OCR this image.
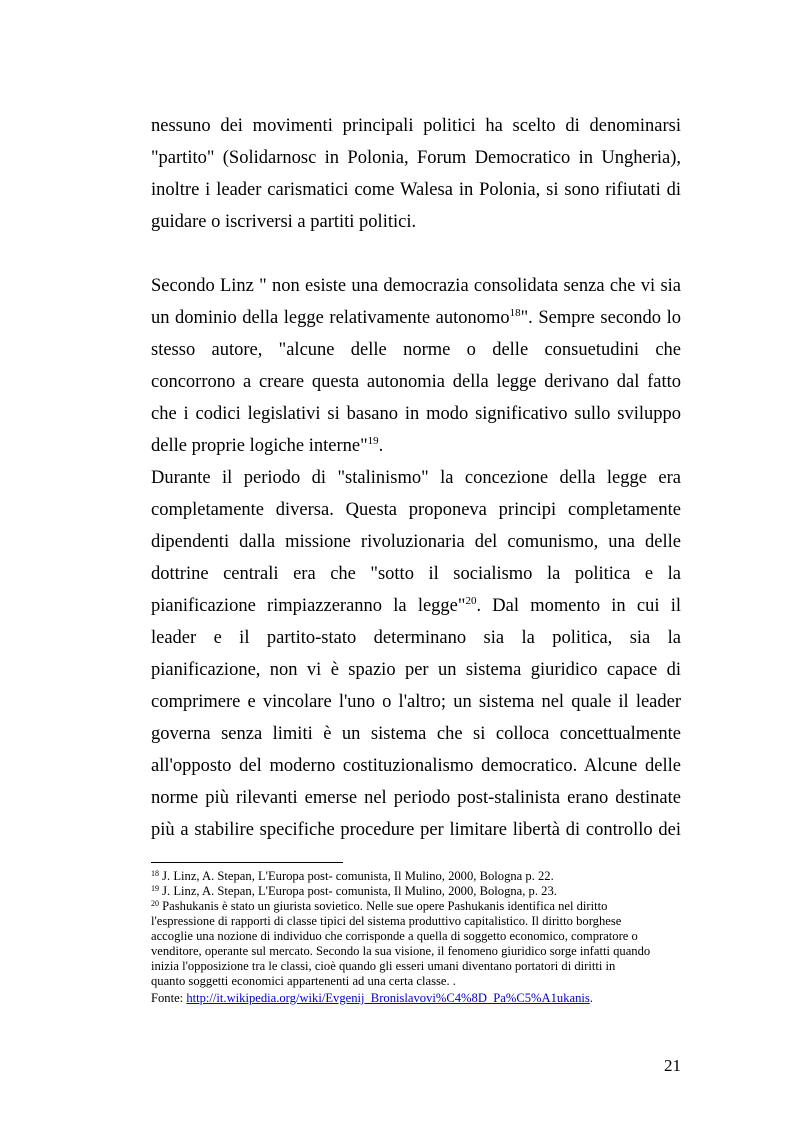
nessuno dei movimenti principali politici ha scelto di denominarsi
"partito" (Solidarnosc in Polonia, Forum Democratico in Ungheria),
inoltre i leader carismatici come Walesa in Polonia, si sono rifiutati di
guidare o iscriversi a partiti politici.
Secondo Linz " non esiste una democrazia consolidata senza che vi sia
un dominio della legge relativamente autonomo$^{18}$". Sempre secondo lo
stesso autore, "alcune delle norme o delle consuetudini che
concorrono a creare questa autonomia della legge derivano dal fatto
che i codici legislativi si basano in modo significativo sullo sviluppo
delle proprie logiche interne"$^{19}$.
Durante il periodo di "stalinismo" la concezione della legge era
completamente diversa. Questa proponeva principi completamente
dipendenti dalla missione rivoluzionaria del comunismo, una delle
dottrine centrali era che "sotto il socialismo la politica e la
pianificazione rimpiazzeranno la legge"$^{20}$. Dal momento in cui il
leader e il partito-stato determinano sia la politica, sia la
pianificazione, non vi è spazio per un sistema giuridico capace di
comprimere e vincolare l'uno o l'altro; un sistema nel quale il leader
governa senza limiti è un sistema che si colloca concettualmente
all'opposto del moderno costituzionalismo democratico. Alcune delle
norme più rilevanti emerse nel periodo post-stalinista erano destinate
più a stabilire specifiche procedure per limitare libertà di controllo dei
$^{18}$ J. Linz, A. Stepan, L'Europa post- comunista, Il Mulino, 2000, Bologna p. 22.
$^{19}$ J. Linz, A. Stepan, L'Europa post- comunista, Il Mulino, 2000, Bologna, p. 23.
$^{20}$ Pashukanis è stato un giurista sovietico. Nelle sue opere Pashukanis identifica nel diritto
l'espressione di rapporti di classe tipici del sistema produttivo capitalistico. Il diritto borghese
accoglie una nozione di individuo che corrisponde a quella di soggetto economico, compratore o
venditore, operante sul mercato. Secondo la sua visione, il fenomeno giuridico sorge infatti quando
inizia l'opposizione tra le classi, cioè quando gli esseri umani diventano portatori di diritti in
quanto soggetti economici appartenenti ad una certa classe. .
Fonte: http://it.wikipedia.org/wiki/Evgenij_Bronislavovi%C4%8D_Pa%C5%A1ukanis.
21
